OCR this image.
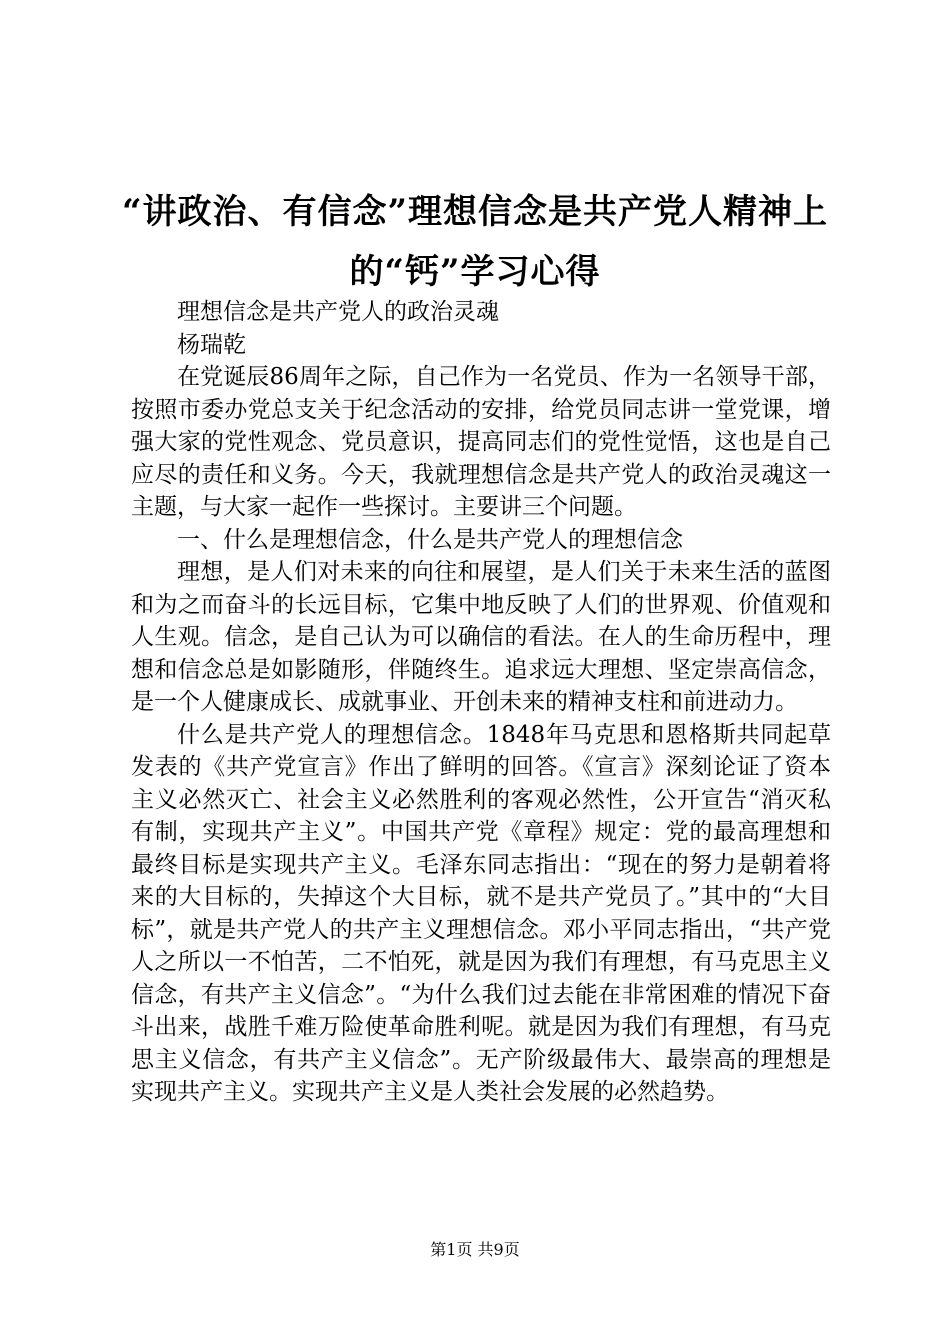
“讲政治、有信念”理想信念是共产党人精神上的“钙”学习心得

理想信念是共产党人的政治灵魂

杨瑞乾

在党诞辰86周年之际，自己作为一名党员、作为一名领导干部，按照市委办党总支关于纪念活动的安排，给党员同志讲一堂党课，增强大家的党性观念、党员意识，提高同志们的党性觉悟，这也是自己应尽的责任和义务。今天，我就理想信念是共产党人的政治灵魂这一主题，与大家一起作一些探讨。主要讲三个问题。

一、什么是理想信念，什么是共产党人的理想信念

理想，是人们对未来的向往和展望，是人们关于未来生活的蓝图和为之而奋斗的长远目标，它集中地反映了人们的世界观、价值观和人生观。信念，是自己认为可以确信的看法。在人的生命历程中，理想和信念总是如影随形，伴随终生。追求远大理想、坚定崇高信念，是一个人健康成长、成就事业、开创未来的精神支柱和前进动力。

什么是共产党人的理想信念。1848年马克思和恩格斯共同起草发表的《共产党宣言》作出了鲜明的回答。《宣言》深刻论证了资本主义必然灭亡、社会主义必然胜利的客观必然性，公开宣告“消灭私有制，实现共产主义”。中国共产党《章程》规定：党的最高理想和最终目标是实现共产主义。毛泽东同志指出：“现在的努力是朝着将来的大目标的，失掉这个大目标，就不是共产党员了。”其中的“大目标”，就是共产党人的共产主义理想信念。邓小平同志指出，“共产党人之所以一不怕苦，二不怕死，就是因为我们有理想，有马克思主义信念，有共产主义信念”。“为什么我们过去能在非常困难的情况下奋斗出来，战胜千难万险使革命胜利呢。就是因为我们有理想，有马克思主义信念，有共产主义信念”。无产阶级最伟大、最崇高的理想是实现共产主义。实现共产主义是人类社会发展的必然趋势。

第1页 共9页
